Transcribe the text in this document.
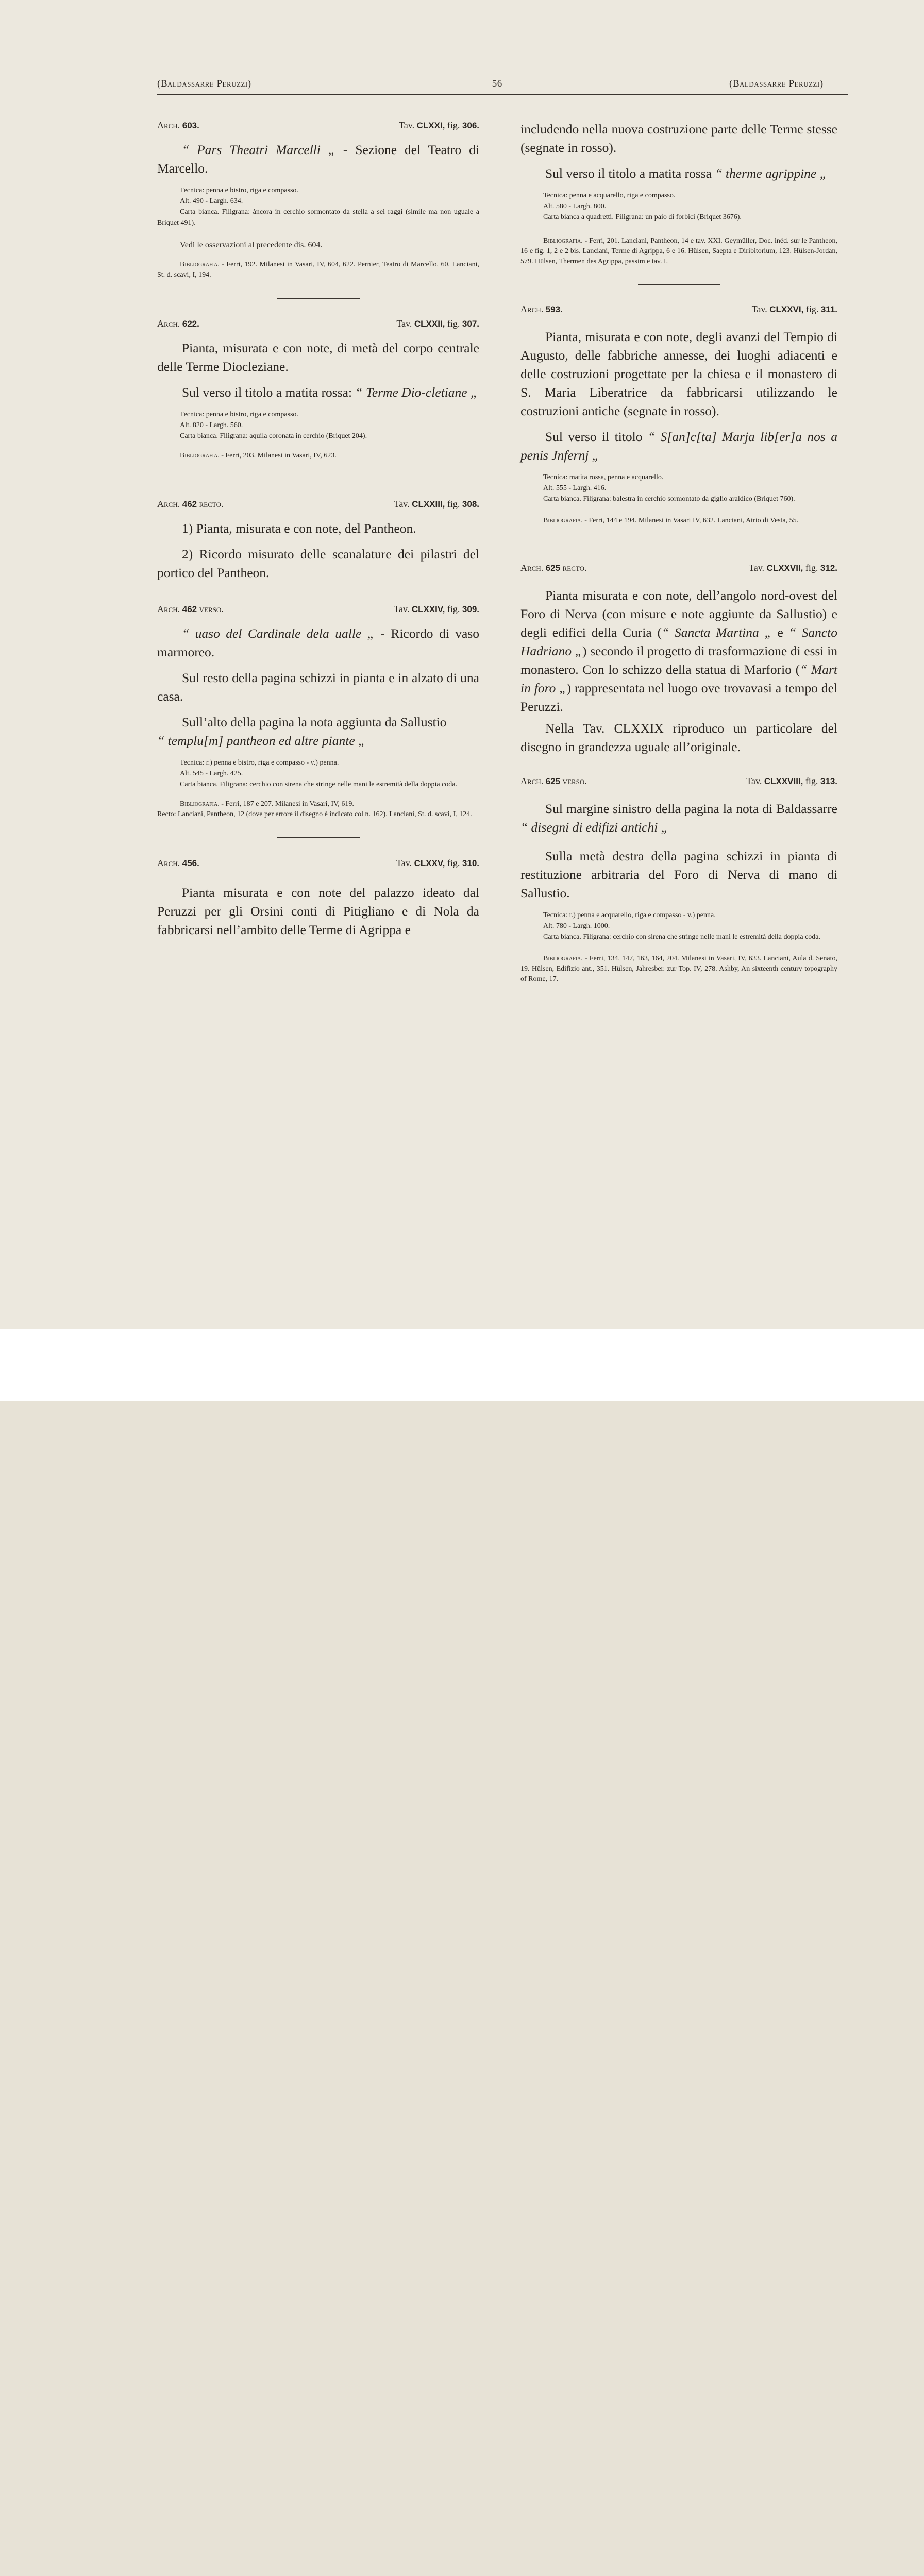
(Baldassarre Peruzzi)	— 56 —	(Baldassarre Peruzzi)
Arch. 603.	Tav. CLXXI, fig. 306.

“ Pars Theatri Marcelli „ - Sezione del Teatro di Marcello.

Tecnica: penna e bistro, riga e compasso.
Alt. 490 - Largh. 634.
Carta bianca. Filigrana: àncora in cerchio sormontato da stella a sei raggi (simile ma non uguale a Briquet 491).

Vedi le osservazioni al precedente dis. 604.

Bibliografia. - Ferri, 192. Milanesi in Vasari, IV, 604, 622. Pernier, Teatro di Marcello, 60. Lanciani, St. d. scavi, I, 194.

Arch. 622.	Tav. CLXXII, fig. 307.

Pianta, misurata e con note, di metà del corpo centrale delle Terme Diocleziane.

Sul verso il titolo a matita rossa: “ Terme Dio-cletiane „

Tecnica: penna e bistro, riga e compasso.
Alt. 820 - Largh. 560.
Carta bianca. Filigrana: aquila coronata in cerchio (Briquet 204).

Bibliografia. - Ferri, 203. Milanesi in Vasari, IV, 623.

Arch. 462 recto.	Tav. CLXXIII, fig. 308.

1) Pianta, misurata e con note, del Pantheon.

2) Ricordo misurato delle scanalature dei pilastri del portico del Pantheon.

Arch. 462 verso.	Tav. CLXXIV, fig. 309.

“ uaso del Cardinale dela ualle „ - Ricordo di vaso marmoreo.

Sul resto della pagina schizzi in pianta e in alzato di una casa.

Sull’alto della pagina la nota aggiunta da Sallustio
“ templu[m] pantheon ed altre piante „

Tecnica: r.) penna e bistro, riga e compasso - v.) penna.
Alt. 545 - Largh. 425.
Carta bianca. Filigrana: cerchio con sirena che stringe nelle mani le estremità della doppia coda.

Bibliografia. - Ferri, 187 e 207. Milanesi in Vasari, IV, 619.
Recto: Lanciani, Pantheon, 12 (dove per errore il disegno è indicato col n. 162). Lanciani, St. d. scavi, I, 124.

Arch. 456.	Tav. CLXXV, fig. 310.

Pianta misurata e con note del palazzo ideato dal Peruzzi per gli Orsini conti di Pitigliano e di Nola da fabbricarsi nell’ambito delle Terme di Agrippa e

includendo nella nuova costruzione parte delle Terme stesse (segnate in rosso).

Sul verso il titolo a matita rossa “ therme agrippine „

Tecnica: penna e acquarello, riga e compasso.
Alt. 580 - Largh. 800.
Carta bianca a quadretti. Filigrana: un paio di forbici (Briquet 3676).

Bibliografia. - Ferri, 201. Lanciani, Pantheon, 14 e tav. XXI. Geymüller, Doc. inéd. sur le Pantheon, 16 e fig. 1, 2 e 2 bis. Lanciani, Terme di Agrippa, 6 e 16. Hülsen, Saepta e Diribitorium, 123. Hülsen-Jordan, 579. Hülsen, Thermen des Agrippa, passim e tav. I.

Arch. 593.	Tav. CLXXVI, fig. 311.

Pianta, misurata e con note, degli avanzi del Tempio di Augusto, delle fabbriche annesse, dei luoghi adiacenti e delle costruzioni progettate per la chiesa e il monastero di S. Maria Liberatrice da fabbricarsi utilizzando le costruzioni antiche (segnate in rosso).

Sul verso il titolo “ S[an]c[ta] Marja lib[er]a nos a penis Jnfernj „

Tecnica: matita rossa, penna e acquarello.
Alt. 555 - Largh. 416.
Carta bianca. Filigrana: balestra in cerchio sormontato da giglio araldico (Briquet 760).

Bibliografia. - Ferri, 144 e 194. Milanesi in Vasari IV, 632. Lanciani, Atrio di Vesta, 55.

Arch. 625 recto.	Tav. CLXXVII, fig. 312.

Pianta misurata e con note, dell’angolo nord-ovest del Foro di Nerva (con misure e note aggiunte da Sallustio) e degli edifici della Curia (“ Sancta Martina „ e “ Sancto Hadriano „) secondo il progetto di trasformazione di essi in monastero. Con lo schizzo della statua di Marforio (“ Mart in foro „) rappresentata nel luogo ove trovavasi a tempo del Peruzzi.

Nella Tav. CLXXIX riproduco un particolare del disegno in grandezza uguale all’originale.

Arch. 625 verso.	Tav. CLXXVIII, fig. 313.

Sul margine sinistro della pagina la nota di Baldassarre “ disegni di edifizi antichi „

Sulla metà destra della pagina schizzi in pianta di restituzione arbitraria del Foro di Nerva di mano di Sallustio.

Tecnica: r.) penna e acquarello, riga e compasso - v.) penna.
Alt. 780 - Largh. 1000.
Carta bianca. Filigrana: cerchio con sirena che stringe nelle mani le estremità della doppia coda.

Bibliografia. - Ferri, 134, 147, 163, 164, 204. Milanesi in Vasari, IV, 633. Lanciani, Aula d. Senato, 19. Hülsen, Edifizio ant., 351. Hülsen, Jahresber. zur Top. IV, 278. Ashby, An sixteenth century topography of Rome, 17.
